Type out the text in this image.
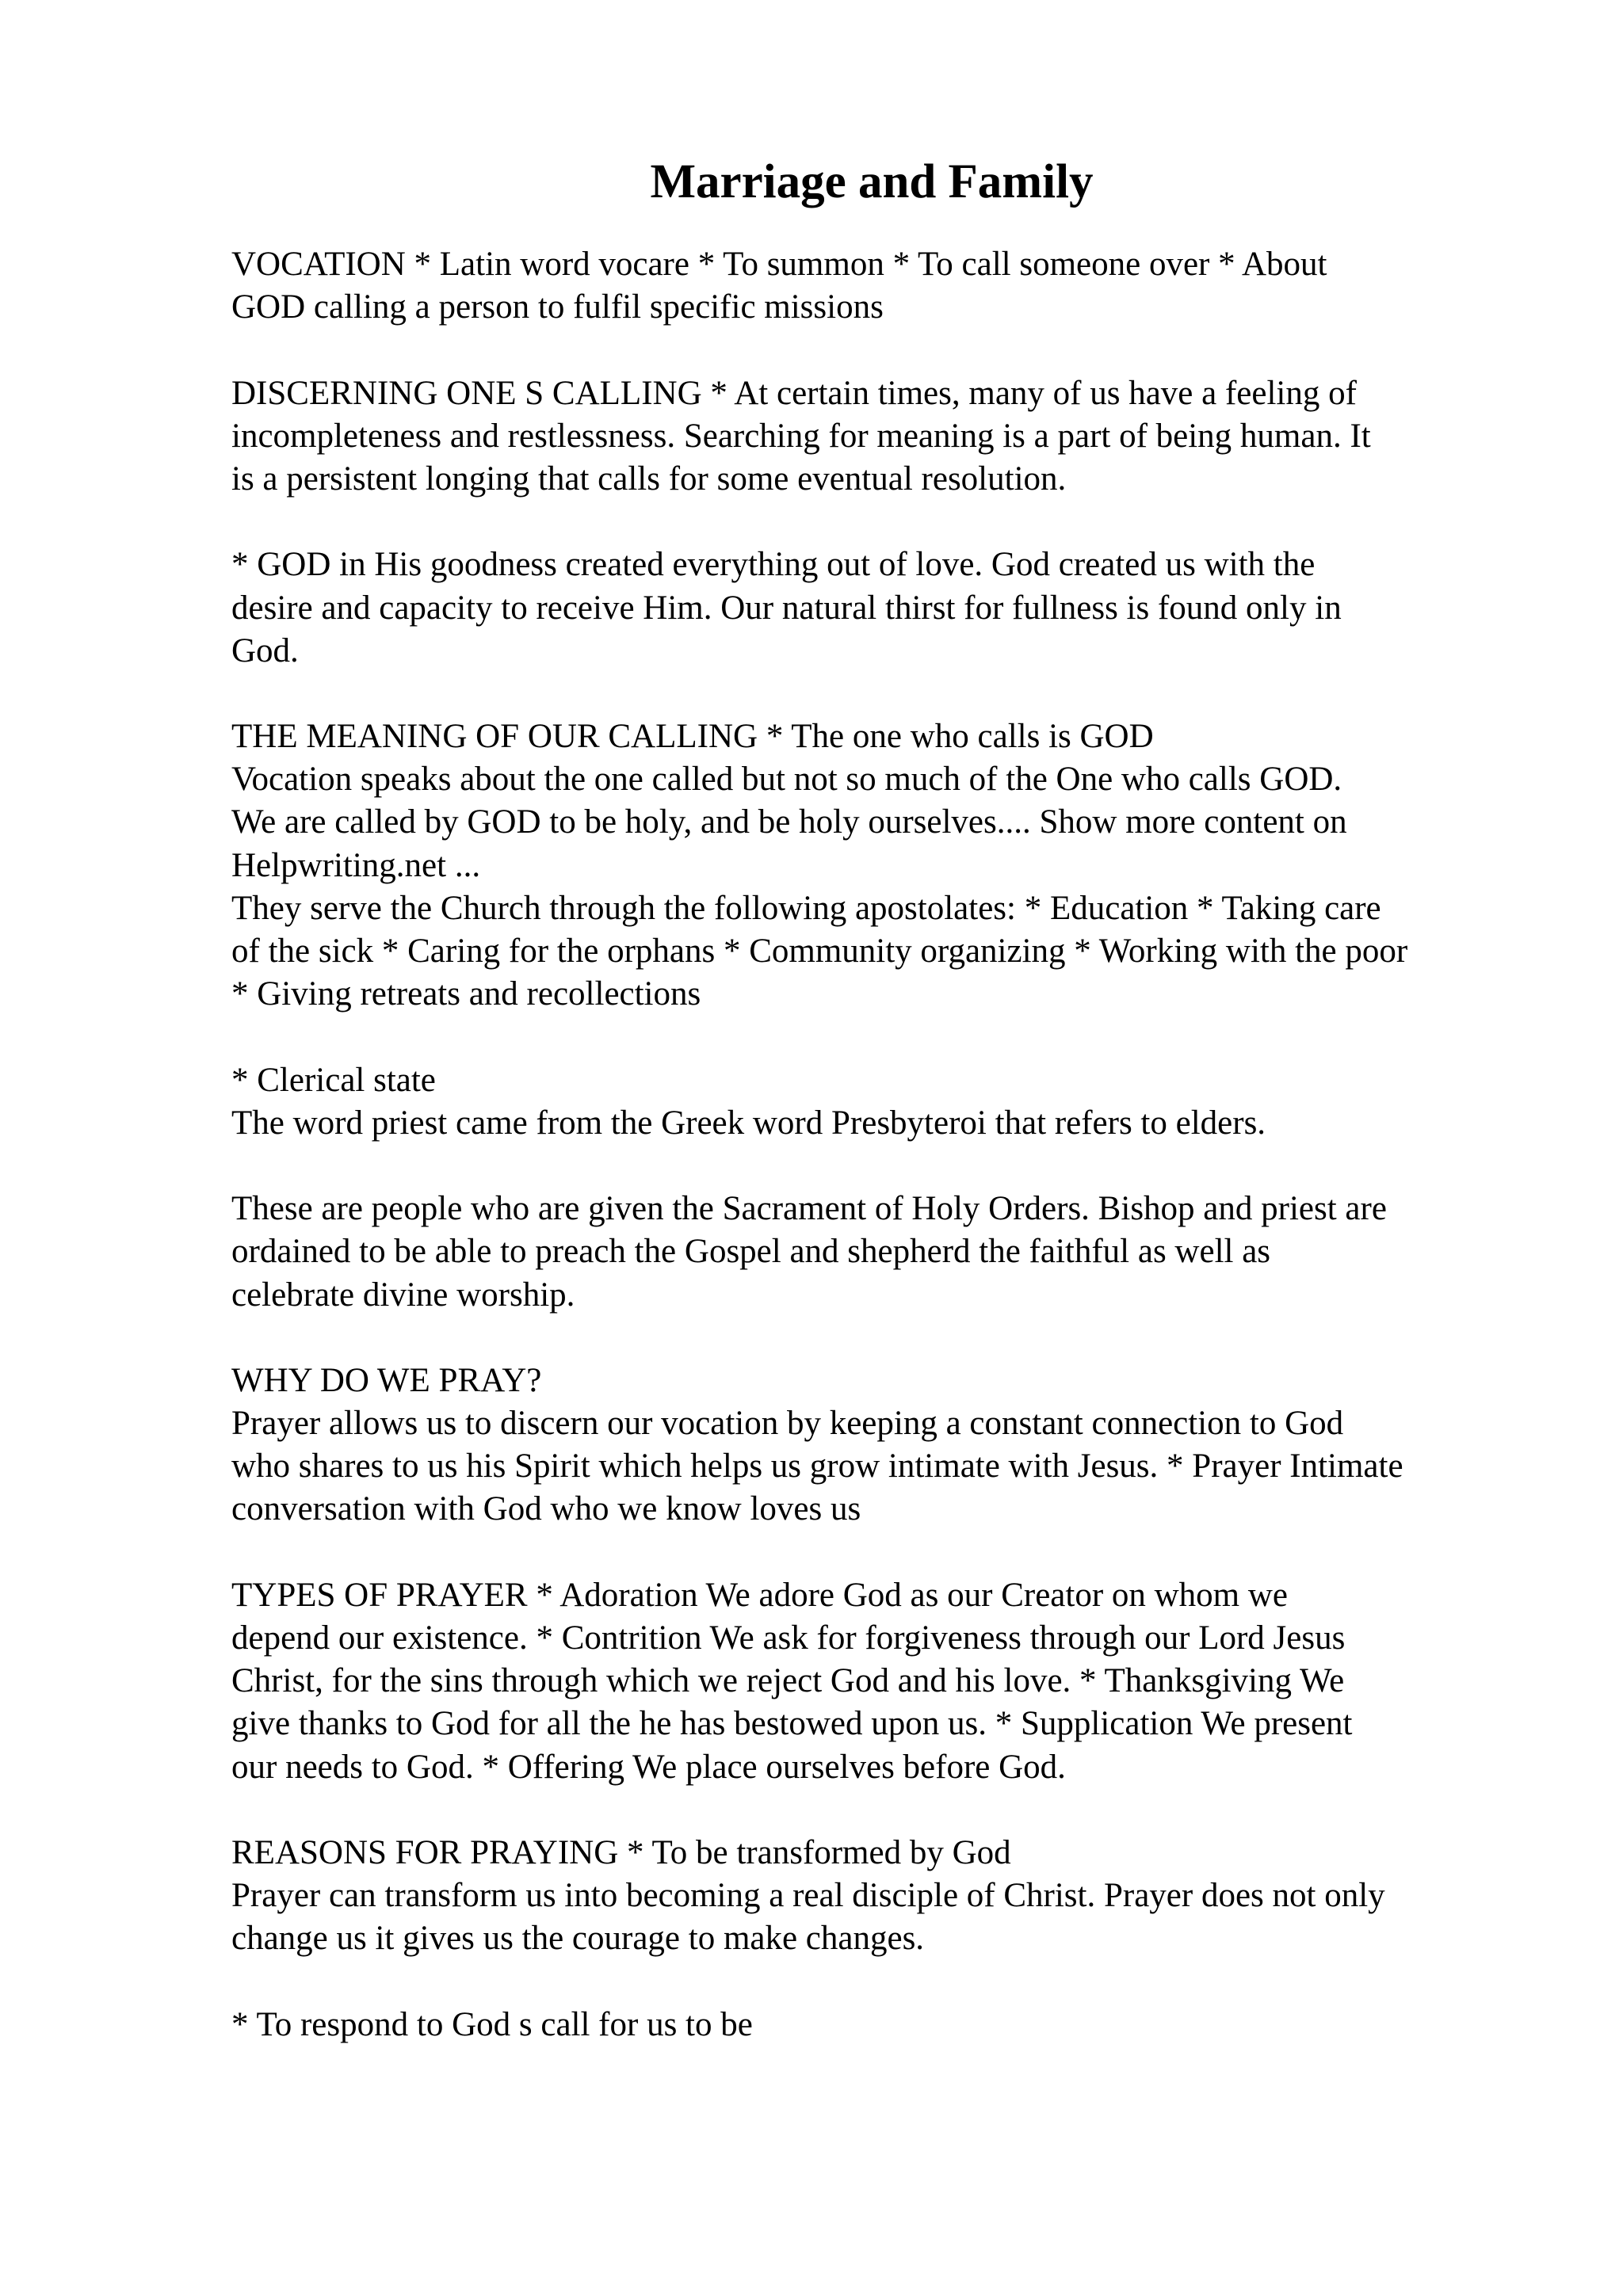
Marriage and Family
VOCATION * Latin word vocare * To summon * To call someone over * About
GOD calling a person to fulfil specific missions
DISCERNING ONE S CALLING * At certain times, many of us have a feeling of
incompleteness and restlessness. Searching for meaning is a part of being human. It
is a persistent longing that calls for some eventual resolution.
* GOD in His goodness created everything out of love. God created us with the
desire and capacity to receive Him. Our natural thirst for fullness is found only in
God.
THE MEANING OF OUR CALLING * The one who calls is GOD
Vocation speaks about the one called but not so much of the One who calls GOD.
We are called by GOD to be holy, and be holy ourselves.... Show more content on
Helpwriting.net ...
They serve the Church through the following apostolates: * Education * Taking care
of the sick * Caring for the orphans * Community organizing * Working with the poor
* Giving retreats and recollections
* Clerical state
The word priest came from the Greek word Presbyteroi that refers to elders.
These are people who are given the Sacrament of Holy Orders. Bishop and priest are
ordained to be able to preach the Gospel and shepherd the faithful as well as
celebrate divine worship.
WHY DO WE PRAY?
Prayer allows us to discern our vocation by keeping a constant connection to God
who shares to us his Spirit which helps us grow intimate with Jesus. * Prayer Intimate
conversation with God who we know loves us
TYPES OF PRAYER * Adoration We adore God as our Creator on whom we
depend our existence. * Contrition We ask for forgiveness through our Lord Jesus
Christ, for the sins through which we reject God and his love. * Thanksgiving We
give thanks to God for all the he has bestowed upon us. * Supplication We present
our needs to God. * Offering We place ourselves before God.
REASONS FOR PRAYING * To be transformed by God
Prayer can transform us into becoming a real disciple of Christ. Prayer does not only
change us it gives us the courage to make changes.
* To respond to God s call for us to be
